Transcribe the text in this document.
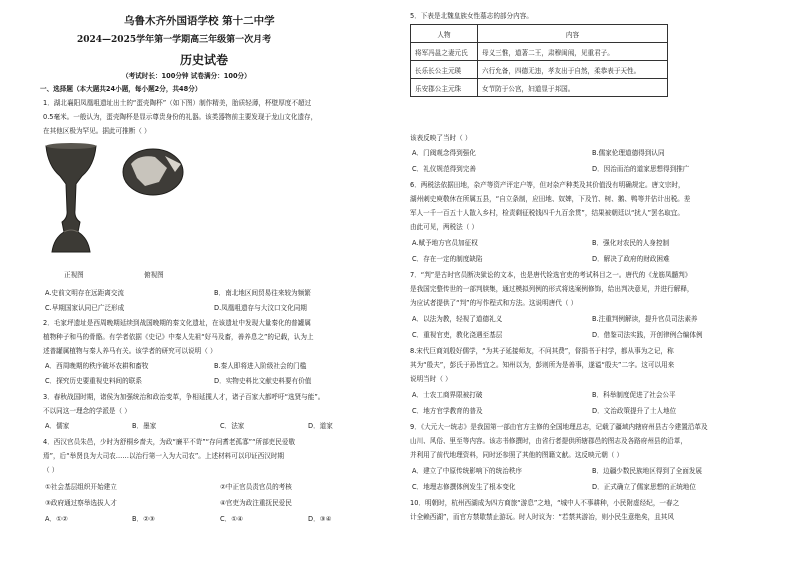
乌鲁木齐外国语学校 第十二中学
2024—2025学年第一学期高三年级第一次月考
历史试卷
（考试时长：100分钟 试卷满分：100分）
一、选择题（本大题共24小题，每小题2分，共48分）
1．湖北襄阳凤凰咀遗址出土的“蛋壳陶杯”（如下图）制作精美，胎质轻薄，杯壁厚度不超过
0.5毫米。一般认为，蛋壳陶杯是显示尊贵身份的礼器。该类器物前主要发现于龙山文化遗存，
在其他区极为罕见。据此可推断（ ）
正视图	俯视图
A.史前文明存在远距离交流	B．南北地区间贸易往来较为频繁
C.早期国家认同已广泛形成	D.凤凰咀遗存与大汶口文化同期
2．毛家坪遗址是西周晚期延续到战国晚期的秦文化遗址，在该遗址中发现大量秦化的普罐属
植物种子和马的骨骼。有学者依据《史记》中秦人先祖“好马及畜，善养息之”的记载，认为上
述普罐属植物与秦人养马有关。该学者的研究可以说明（ ）
A．西周晚期的秩序破坏农耕和畜牧	B.秦人即将进入阶级社会的门槛
C．探究历史要重视史料间的联系	D．实物史料比文献史料要有价值
3．春秋战国时期，诸侯为加强统治和政治变革，争相延揽人才，诸子百家大都呼吁“选贤与能”。
不以同这一理念的学派是（ ）
A．儒家	B．墨家	C．法家	D．道家
4．西汉官员朱邑，少时为舒桐乡啬夫，为政“廉平不苛”“存问耆老孤寡”“所部吏民爱敬
焉”，后“举贤良为大司农……以治行第一入为大司农”。上述材料可以印证西汉时期
（ ）
①社会基层组织开始建立	②中正官员责官员的考核
③政府通过察举选拔人才	④官吏为政注重抚民爱民
A．①②	B．②③	C．①④	D．③④
5．下表是北魏皇族女性墓志的部分内容。
人物	内容
将军冯邕之妻元氏	母义三惟，道著二王，肃穆闺闱，见重君子。
长乐长公主元瑛	六行允备，四德无违，孝友出于自然，柔恭表于天性。
乐安郡公主元珠	女节防于公宫，妇道显于邦国。
该表反映了当时（ ）
A．门阀观念得到强化	B.儒家伦理道德得到认同
C．礼仪规范得到完善	D．因治而治的道家思想得到推广
6．两税法依据田地，杂产等资产评定户等，但对杂产种类及其价值没有明确规定。唐文宗时，
湖州刺史庾敬休在所属五县，“自立条制，应田地、奴婢，下及竹、树、鹅、鸭等并估计出税。差
军人一千一百五十人散入乡村，检责剩征税钱四千九百余贯”，结果被朝廷以“扰人”罢名取宜。
由此可见，两税法（ ）
A.赋予地方官员加征权	B．强化对农民的人身控制
C．存在一定的制度缺陷	D．解决了政府的财政困难
7．“判”是古时官员断决狱讼的文本，也是唐代铨选官吏的考试科目之一。唐代的《龙筋凤髓判》
是我国完整传世的一部判牍集，通过模拟列例的形式将选案例修饰，给出判决意见，并进行解释，
为应试者提供了“判”的写作程式和方法。这说明唐代（ ）
A．以法为教，轻视了道德礼义	B.注重判例解读，提升官员司法素养
C．重视官吏，教化浇遇至基层	D．借鉴司法实践，开创律例合编体例
8.宋代巨商刘殷好儒学，“为其子延接师友，不问其费”，督捐书于村学，都从事为之记，称
其为“殷夫”，彭氏于孙皆宜之。知州以为，彭则所为是善事，遂谥“殷夫”二字。这可以用来
说明当时（ ）
A．士农工商界限被打破	B．科举制度促进了社会公平
C．地方官学教育的普及	D．文治政策提升了士人地位
9．《大元大一统志》是我国第一部由官方主修的全国地理总志，记载了疆域内辖府州县古今建置沿革及
山川、风俗、里至等内容。该志书修撰时，由省行者提供所辖郡邑的图志及各路府州县的沿革，
并利用了前代地理资料，同时还参照了其他的图籍文献。这反映元朝（ ）
A．建立了中原传统影响下的统治秩序	B．边疆少数民族地区得到了全面发展
C．地理志修撰体例发生了根本变化	D．正式确立了儒家思想的正统地位
10．明朝时，杭州西湖成为四方商旅“游息”之地，“城中人不事耕种，小民附虚经纪，一春之
计全赖西湖”，而官方禁歇禁止游玩。时人时议为：“若禁其游冶，则小民生意绝矣，且其风
